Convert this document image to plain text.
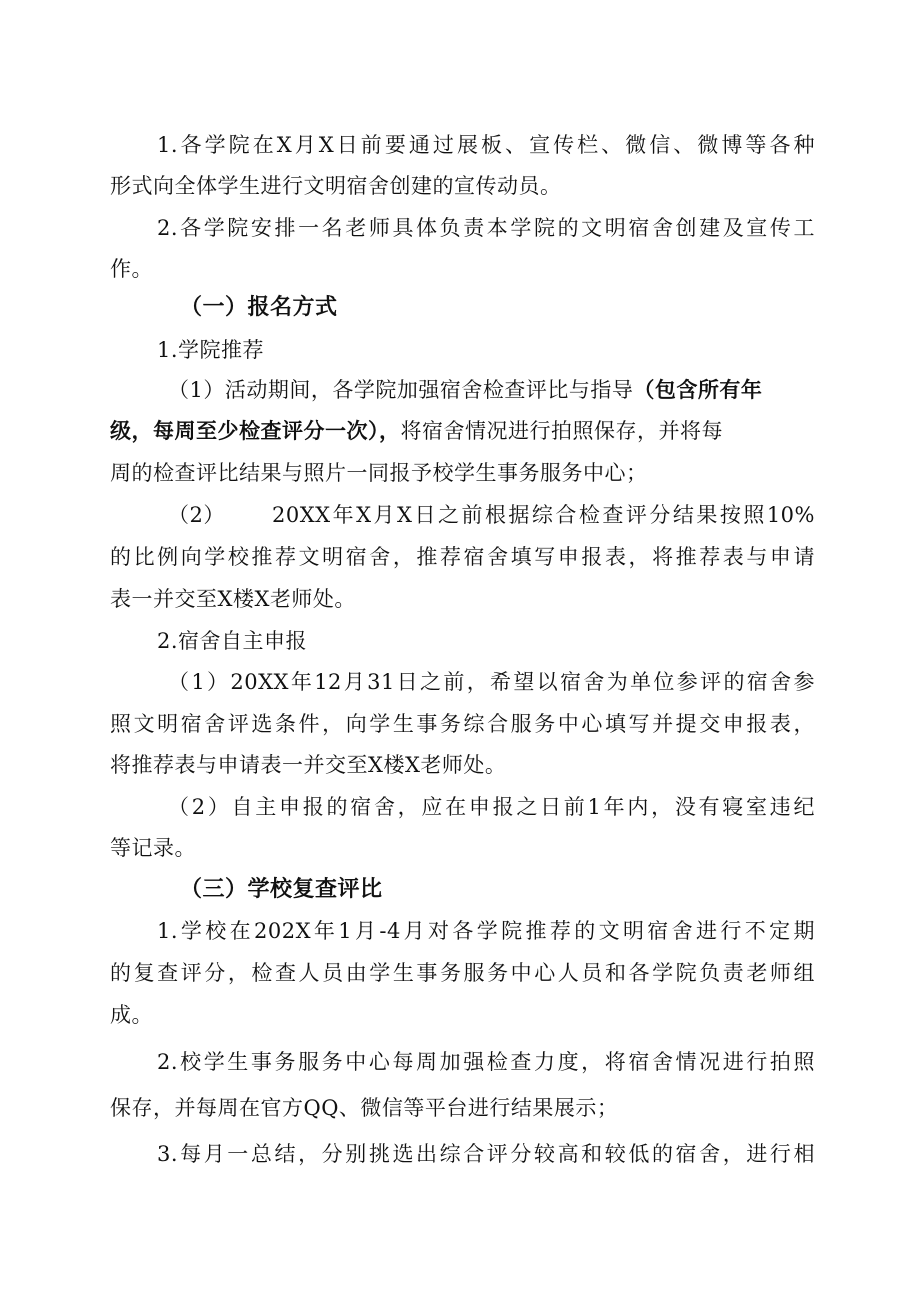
1.各学院在X月X日前要通过展板、宣传栏、微信、微博等各种
形式向全体学生进行文明宿舍创建的宣传动员。
2.各学院安排一名老师具体负责本学院的文明宿舍创建及宣传工
作。
（一）报名方式
1.学院推荐
（1）活动期间，各学院加强宿舍检查评比与指导（包含所有年
级，每周至少检查评分一次），将宿舍情况进行拍照保存，并将每
周的检查评比结果与照片一同报予校学生事务服务中心；
（2）	20XX年X月X日之前根据综合检查评分结果按照10%
的比例向学校推荐文明宿舍，推荐宿舍填写申报表，将推荐表与申请
表一并交至X楼X老师处。
2.宿舍自主申报
（1）20XX年12月31日之前，希望以宿舍为单位参评的宿舍参
照文明宿舍评选条件，向学生事务综合服务中心填写并提交申报表，
将推荐表与申请表一并交至X楼X老师处。
（2）自主申报的宿舍，应在申报之日前1年内，没有寝室违纪
等记录。
（三）学校复查评比
1.学校在202X年1月-4月对各学院推荐的文明宿舍进行不定期
的复查评分，检查人员由学生事务服务中心人员和各学院负责老师组
成。
2.校学生事务服务中心每周加强检查力度，将宿舍情况进行拍照
保存，并每周在官方QQ、微信等平台进行结果展示；
3.每月一总结，分别挑选出综合评分较高和较低的宿舍，进行相
